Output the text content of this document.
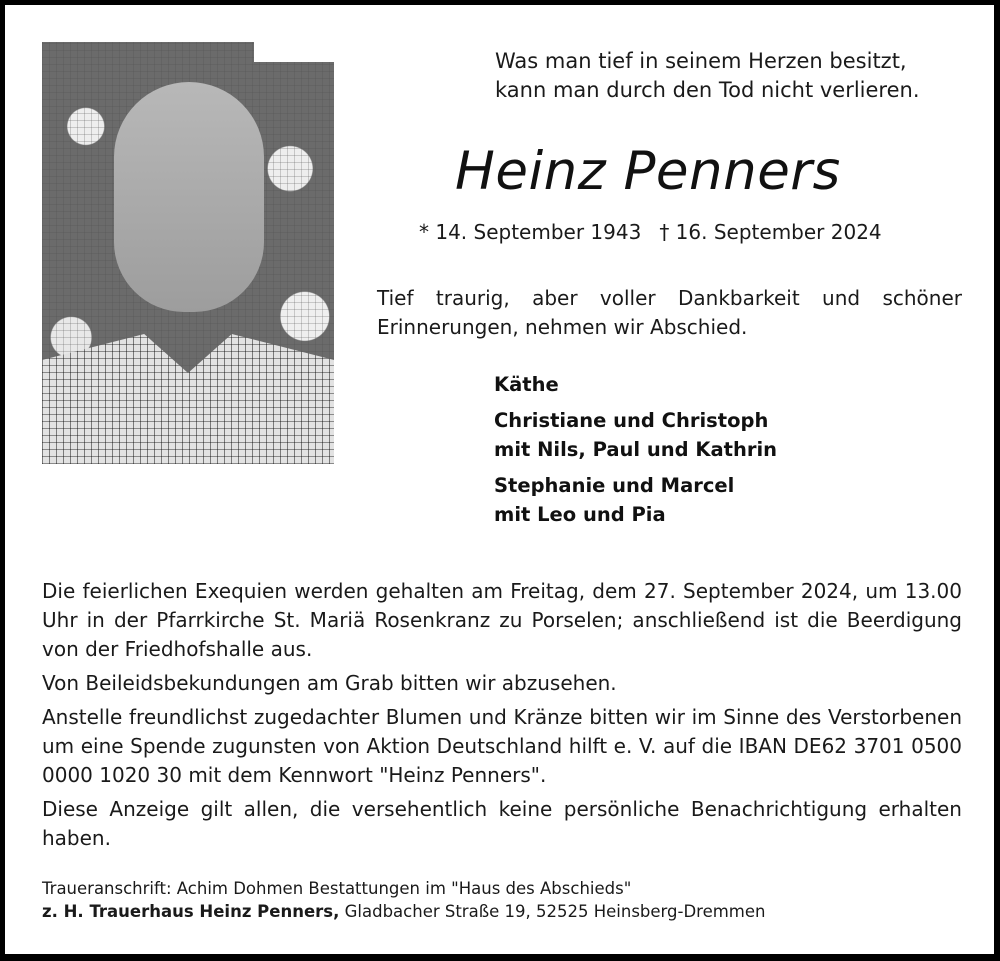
Was man tief in seinem Herzen besitzt,
kann man durch den Tod nicht verlieren.
Heinz Penners
* 14. September 1943 † 16. September 2024
Tief traurig, aber voller Dankbarkeit und schöner Erinnerungen, nehmen wir Abschied.
Käthe
Christiane und Christoph
mit Nils, Paul und Kathrin
Stephanie und Marcel
mit Leo und Pia

Die feierlichen Exequien werden gehalten am Freitag, dem 27. September 2024, um 13.00 Uhr in der Pfarrkirche St. Mariä Rosenkranz zu Porselen; anschließend ist die Beerdigung von der Friedhofshalle aus.

Von Beileidsbekundungen am Grab bitten wir abzusehen.

Anstelle freundlichst zugedachter Blumen und Kränze bitten wir im Sinne des Verstorbenen um eine Spende zugunsten von Aktion Deutschland hilft e. V. auf die IBAN DE62 3701 0500 0000 1020 30 mit dem Kennwort "Heinz Penners".

Diese Anzeige gilt allen, die versehentlich keine persönliche Benachrichtigung erhalten haben.

Traueranschrift: Achim Dohmen Bestattungen im "Haus des Abschieds"
z. H. Trauerhaus Heinz Penners, Gladbacher Straße 19, 52525 Heinsberg-Dremmen
